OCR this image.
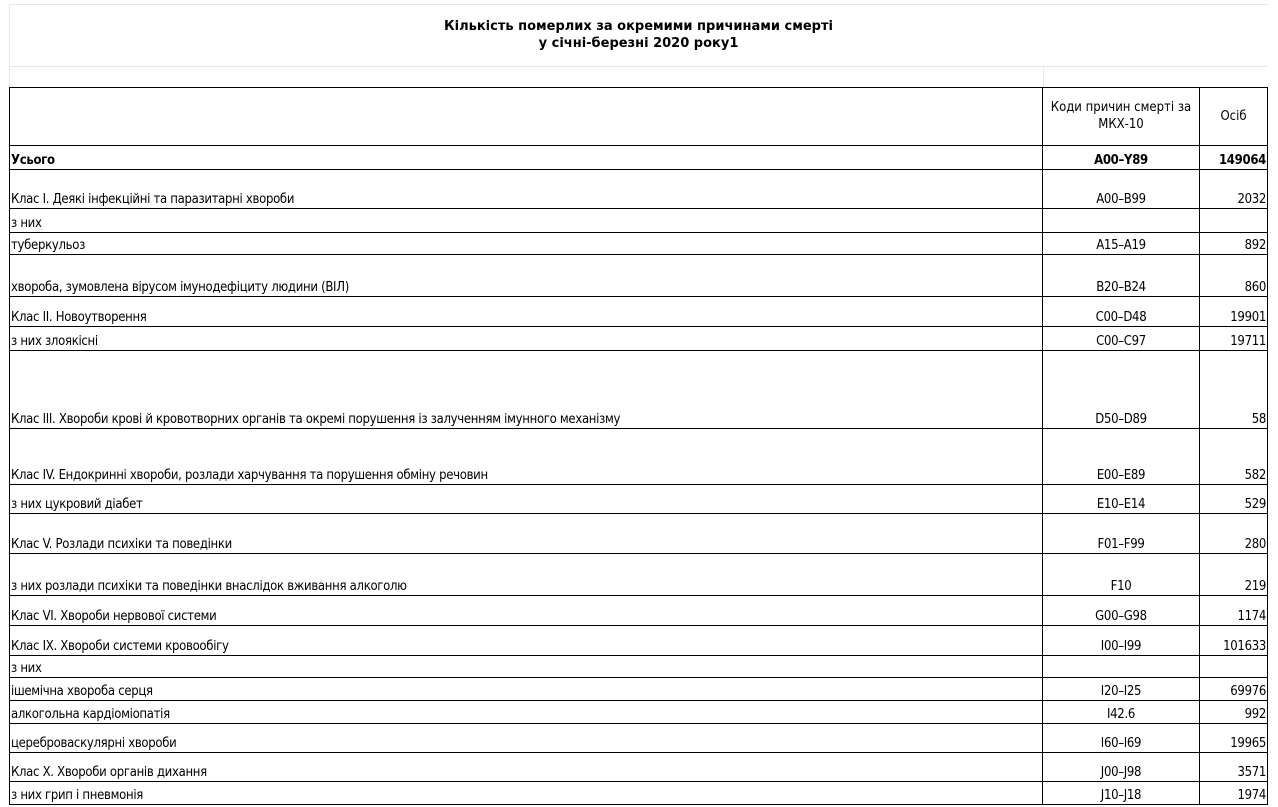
Кількість померлих за окремими причинами смерті
у січні-березні 2020 року1
	Коди причин смерті за МКХ-10	Осіб
Усього	A00–Y89	149064
Клас I. Деякі інфекційні та паразитарні хвороби	A00–B99	2032
з них		
туберкульоз	A15–A19	892
хвороба, зумовлена вірусом імунодефіциту людини (ВІЛ)	B20–B24	860
Клас II. Новоутворення	C00–D48	19901
з них злоякісні	C00–C97	19711
Клас III. Хвороби крові й кровотворних органів та окремі порушення із залученням імунного механізму	D50–D89	58
Клас IV. Ендокринні хвороби, розлади харчування та порушення обміну речовин	E00–E89	582
з них цукровий діабет	E10–E14	529
Клас V. Розлади психіки та поведінки	F01–F99	280
з них розлади психіки та поведінки внаслідок вживання алкоголю	F10	219
Клас VI. Хвороби нервової системи	G00–G98	1174
Клас IX. Хвороби системи кровообігу	I00–I99	101633
з них		
ішемічна хвороба серця	I20–I25	69976
алкогольна кардіоміопатія	I42.6	992
цереброваскулярні хвороби	I60–I69	19965
Клас X. Хвороби органів дихання	J00–J98	3571
з них грип і пневмонія	J10–J18	1974
